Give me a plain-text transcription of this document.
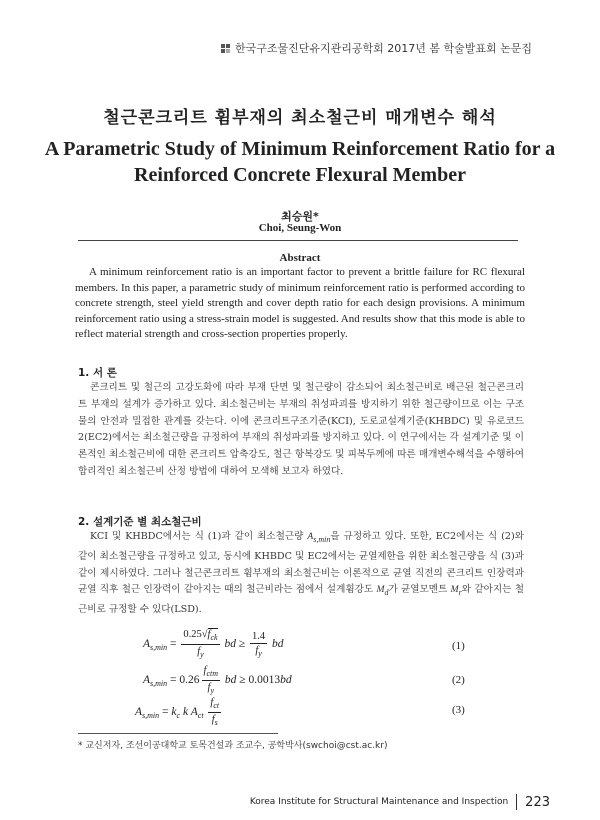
한국구조물진단유지관리공학회 2017년 봄 학술발표회 논문집
철근콘크리트 휨부재의 최소철근비 매개변수 해석
A Parametric Study of Minimum Reinforcement Ratio for a
Reinforced Concrete Flexural Member
최승원*
Choi, Seung-Won
Abstract
A minimum reinforcement ratio is an important factor to prevent a brittle failure for RC flexural members. In this paper, a parametric study of minimum reinforcement ratio is performed according to concrete strength, steel yield strength and cover depth ratio for each design provisions. A minimum reinforcement ratio using a stress-strain model is suggested. And results show that this mode is able to reflect material strength and cross-section properties properly.
1. 서 론
콘크리트 및 철근의 고강도화에 따라 부재 단면 및 철근량이 감소되어 최소철근비로 배근된 철근콘크리트 부재의 설계가 증가하고 있다. 최소철근비는 부재의 취성파괴를 방지하기 위한 철근량이므로 이는 구조물의 안전과 밀접한 관계를 갖는다. 이에 콘크리트구조기준(KCI), 도로교설계기준(KHBDC) 및 유로코드2(EC2)에서는 최소철근량을 규정하여 부재의 취성파괴를 방지하고 있다. 이 연구에서는 각 설계기준 및 이론적인 최소철근비에 대한 콘크리트 압축강도, 철근 항복강도 및 피복두께에 따른 매개변수해석을 수행하여 합리적인 최소철근비 산정 방법에 대하여 모색해 보고자 하였다.
2. 설계기준 별 최소철근비
KCI 및 KHBDC에서는 식 (1)과 같이 최소철근량 $A_{s,min}$을 규정하고 있다. 또한, EC2에서는 식 (2)와 같이 최소철근량을 규정하고 있고, 동시에 KHBDC 및 EC2에서는 균열제한을 위한 최소철근량을 식 (3)과 같이 제시하였다. 그러나 철근콘크리트 휨부재의 최소철근비는 이론적으로 균열 직전의 콘크리트 인장력과 균열 직후 철근 인장력이 같아지는 때의 철근비라는 점에서 설계휨강도 $M_d$가 균열모멘트 $M_r$와 같아지는 철근비로 규정할 수 있다(LSD).
$A_{s,min} = \frac{0.25√f_{ck}}{f_y}$ bd ≥ $\frac{1.4}{f_y}$ bd	(1)
$A_{s,min} = 0.26 \frac{f_{ctm}}{f_y}$ bd ≥ 0.0013bd	(2)
$A_{s,min} = k_c$ k $A_{ct} \frac{f_{ct}}{f_s}$	(3)
* 교신저자, 조선이공대학교 토목건설과 조교수, 공학박사(swchoi@cst.ac.kr)
Korea Institute for Structural Maintenance and Inspection 223
